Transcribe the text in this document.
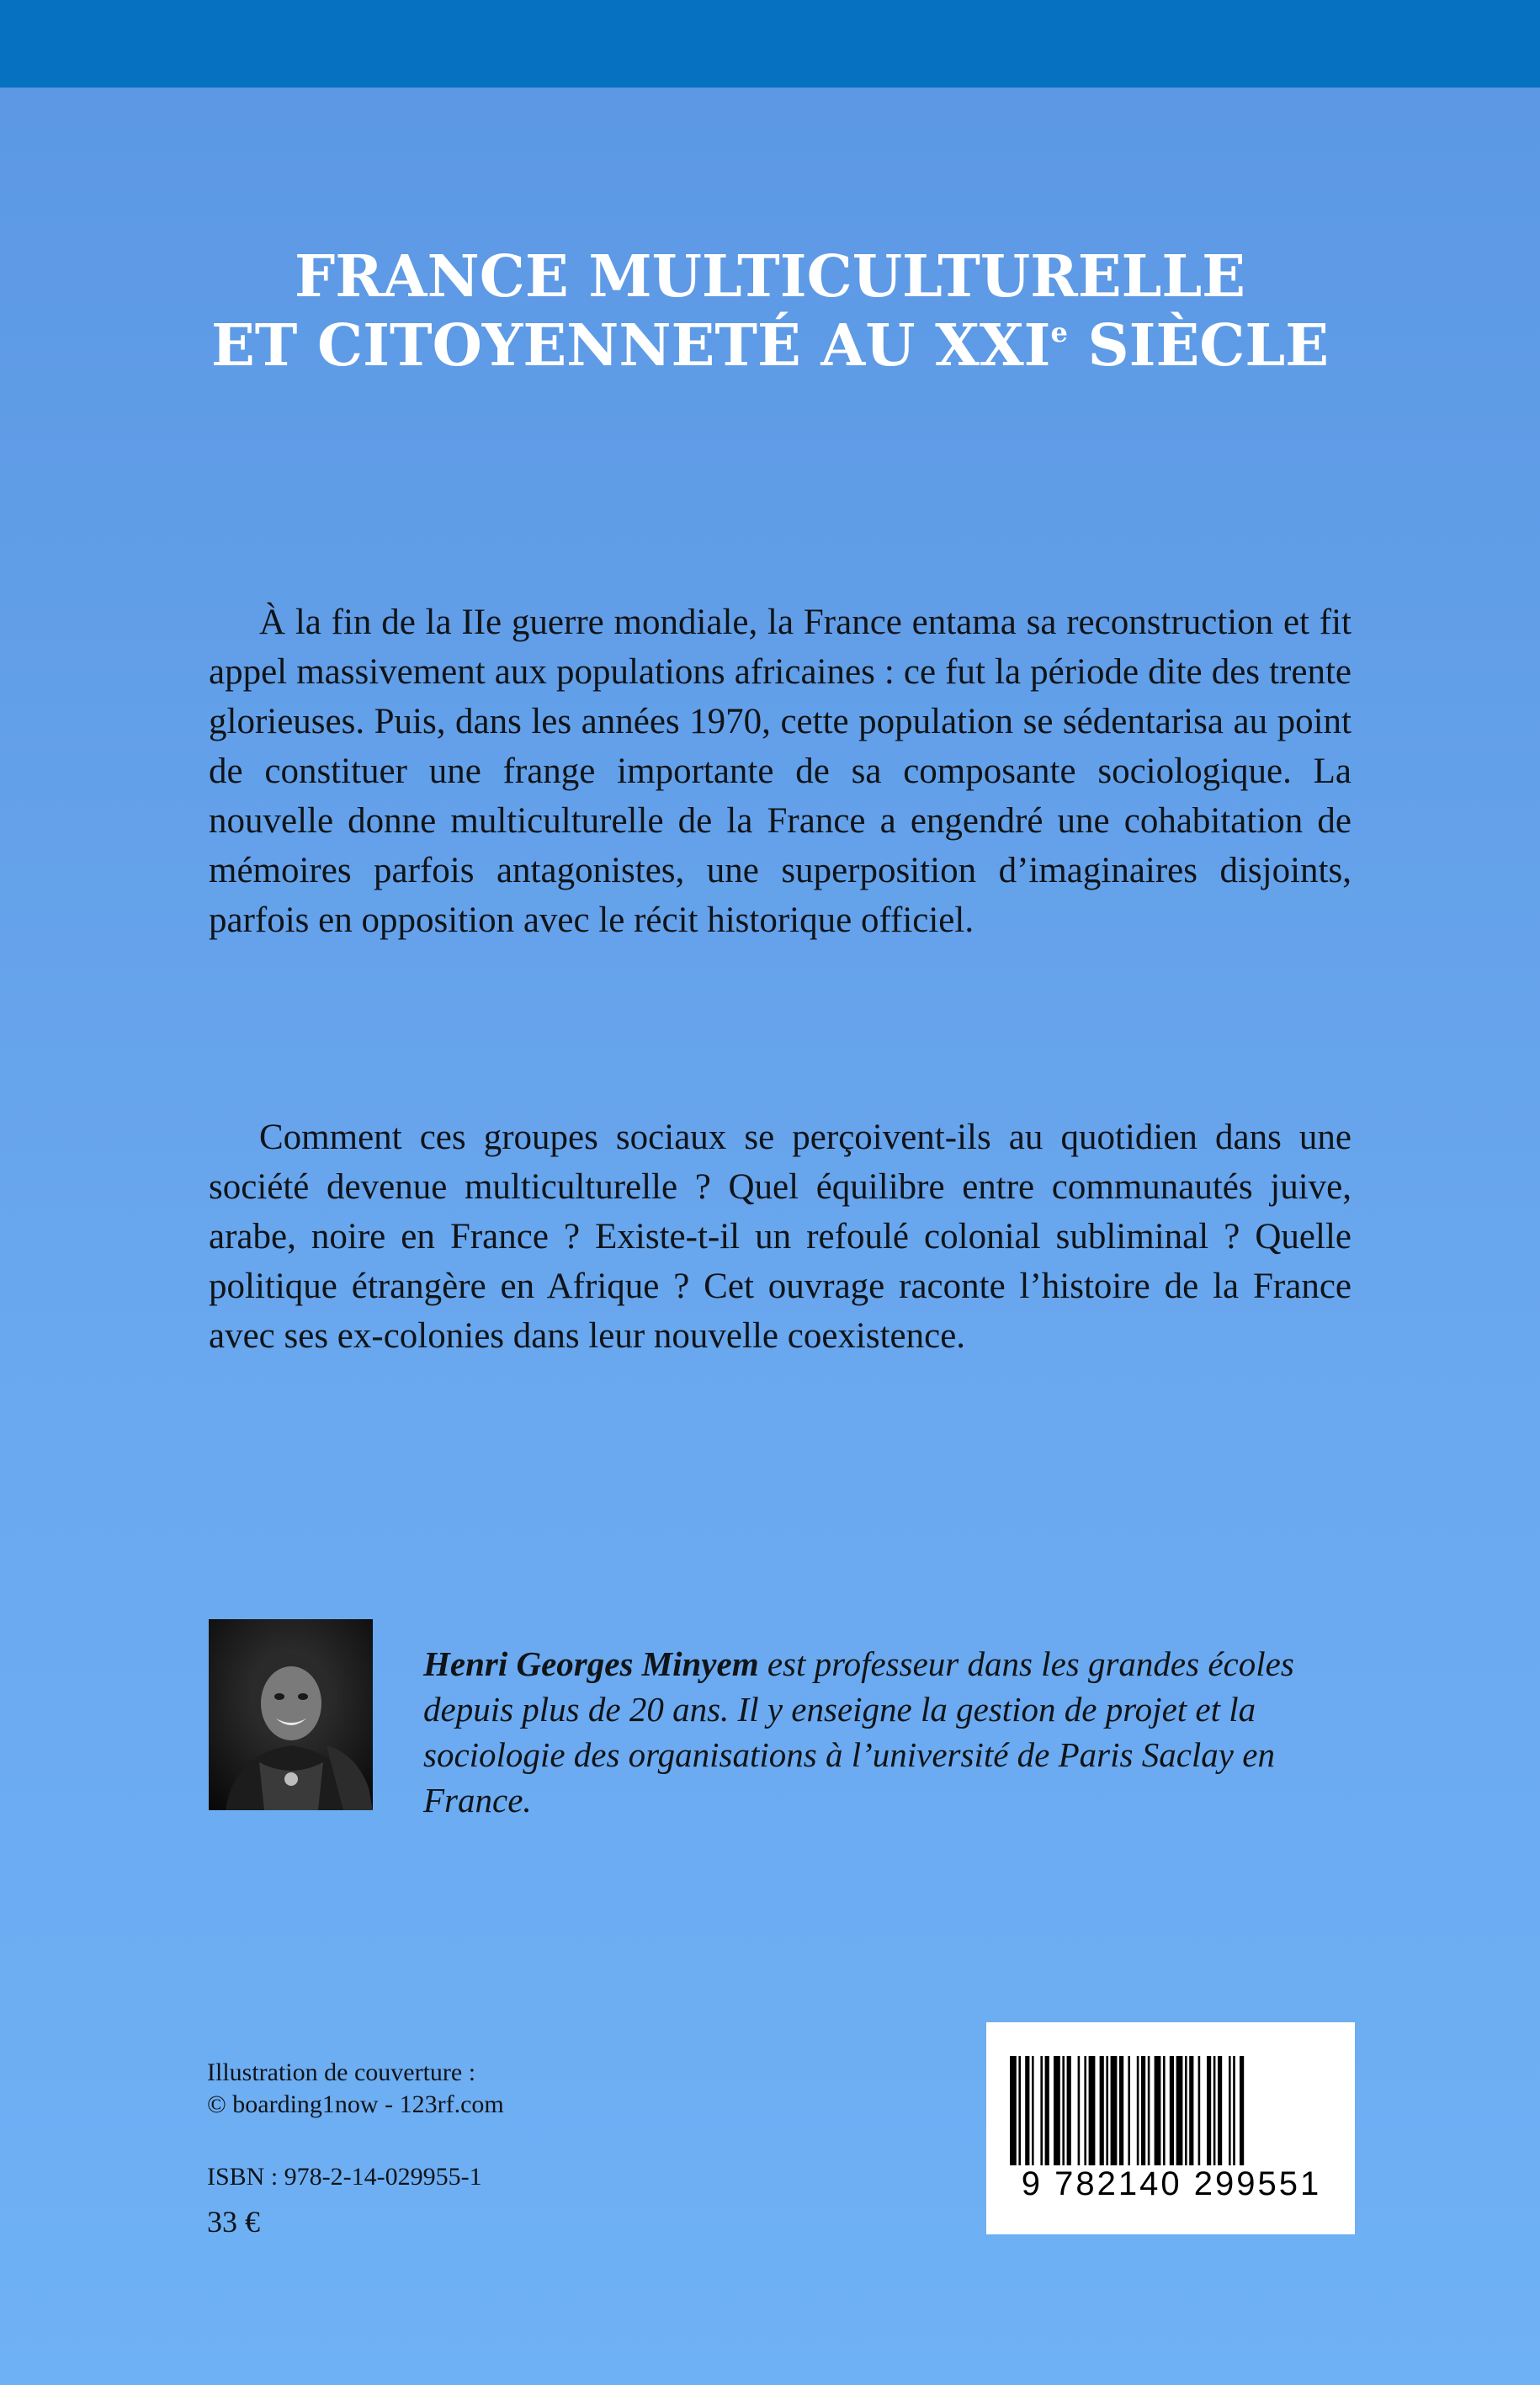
FRANCE MULTICULTURELLE
ET CITOYENNETÉ AU XXIe SIÈCLE

À la fin de la IIe guerre mondiale, la France entama sa reconstruction et fit appel massivement aux populations africaines : ce fut la période dite des trente glorieuses. Puis, dans les années 1970, cette population se sédentarisa au point de constituer une frange importante de sa composante sociologique. La nouvelle donne multiculturelle de la France a engendré une cohabitation de mémoires parfois antagonistes, une superposition d’imaginaires disjoints, parfois en opposition avec le récit historique officiel.

Comment ces groupes sociaux se perçoivent-ils au quotidien dans une société devenue multiculturelle ? Quel équilibre entre communautés juive, arabe, noire en France ? Existe-t-il un refoulé colonial subliminal ? Quelle politique étrangère en Afrique ? Cet ouvrage raconte l’histoire de la France avec ses ex-colonies dans leur nouvelle coexistence.

Henri Georges Minyem est professeur dans les grandes écoles depuis plus de 20 ans. Il y enseigne la gestion de projet et la sociologie des organisations à l’université de Paris Saclay en France.

Illustration de couverture :
© boarding1now - 123rf.com
ISBN : 978-2-14-029955-1
33 €
9 782140 299551
